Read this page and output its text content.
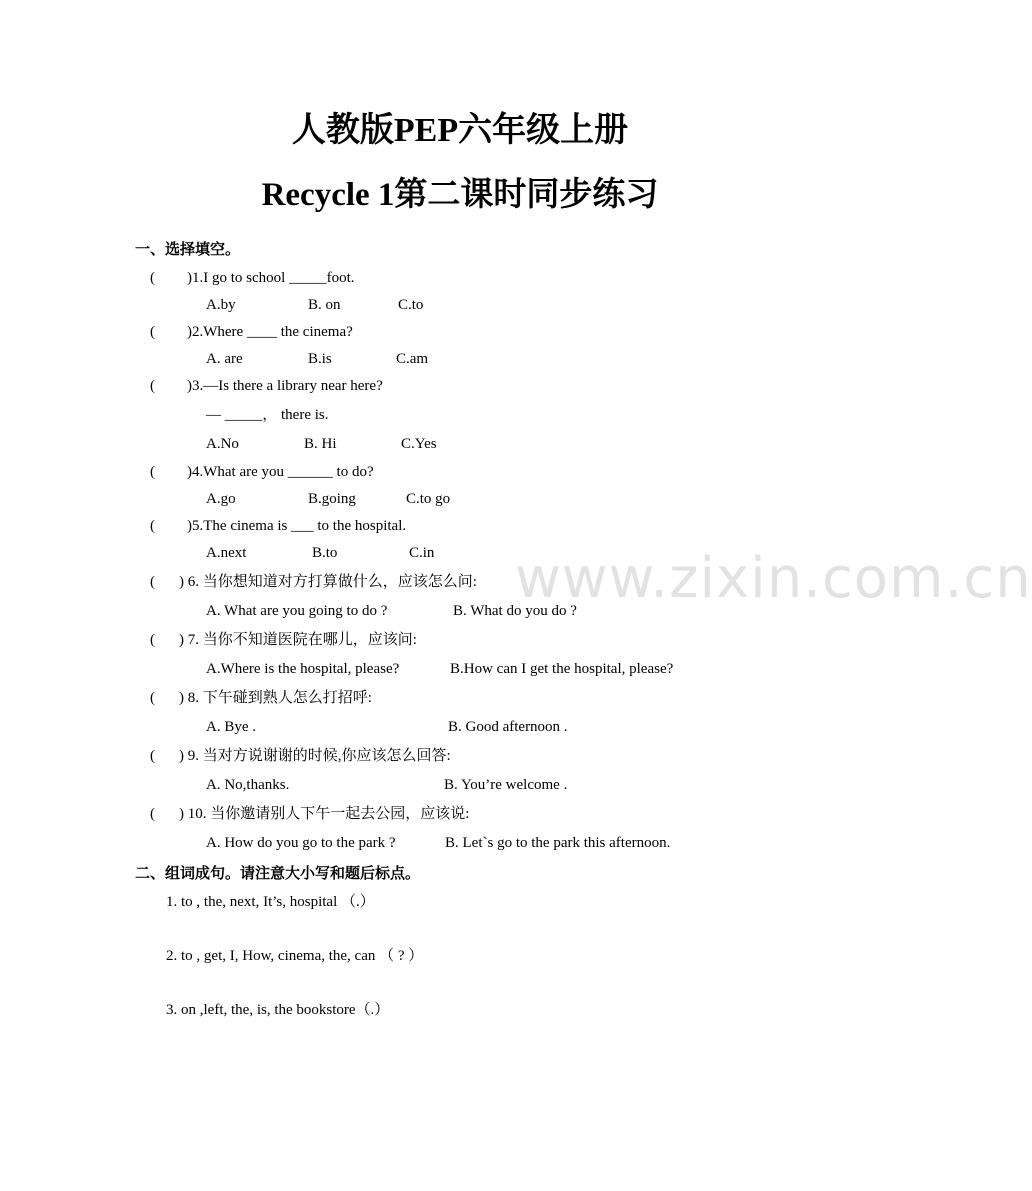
人教版PEP六年级上册
Recycle 1第二课时同步练习
一、选择填空。
( )1.I go to school _____foot.
A.by	B. on	C.to
( )2.Where ____ the cinema?
A. are	B.is	C.am
( )3.—Is there a library near here?
— _____， there is.
A.No	B. Hi	C.Yes
( )4.What are you ______ to do?
A.go	B.going	C.to go
( )5.The cinema is ___ to the hospital.
A.next	B.to	C.in
( ) 6. 当你想知道对方打算做什么，应该怎么问:
A. What are you going to do ?	B. What do you do ?
( ) 7. 当你不知道医院在哪儿，应该问:
A.Where is the hospital, please?	B.How can I get the hospital, please?
( ) 8. 下午碰到熟人怎么打招呼:
A. Bye .	B. Good afternoon .
( ) 9. 当对方说谢谢的时候,你应该怎么回答:
A. No,thanks.	B. You’re welcome .
( ) 10. 当你邀请别人下午一起去公园，应该说:
A. How do you go to the park ?	B. Let`s go to the park this afternoon.
二、组词成句。请注意大小写和题后标点。
1. to , the, next, It’s, hospital （.）
2. to , get, I, How, cinema, the, can （ ? ）
3. on ,left, the, is, the bookstore（.）
www.zixin.com.cn
